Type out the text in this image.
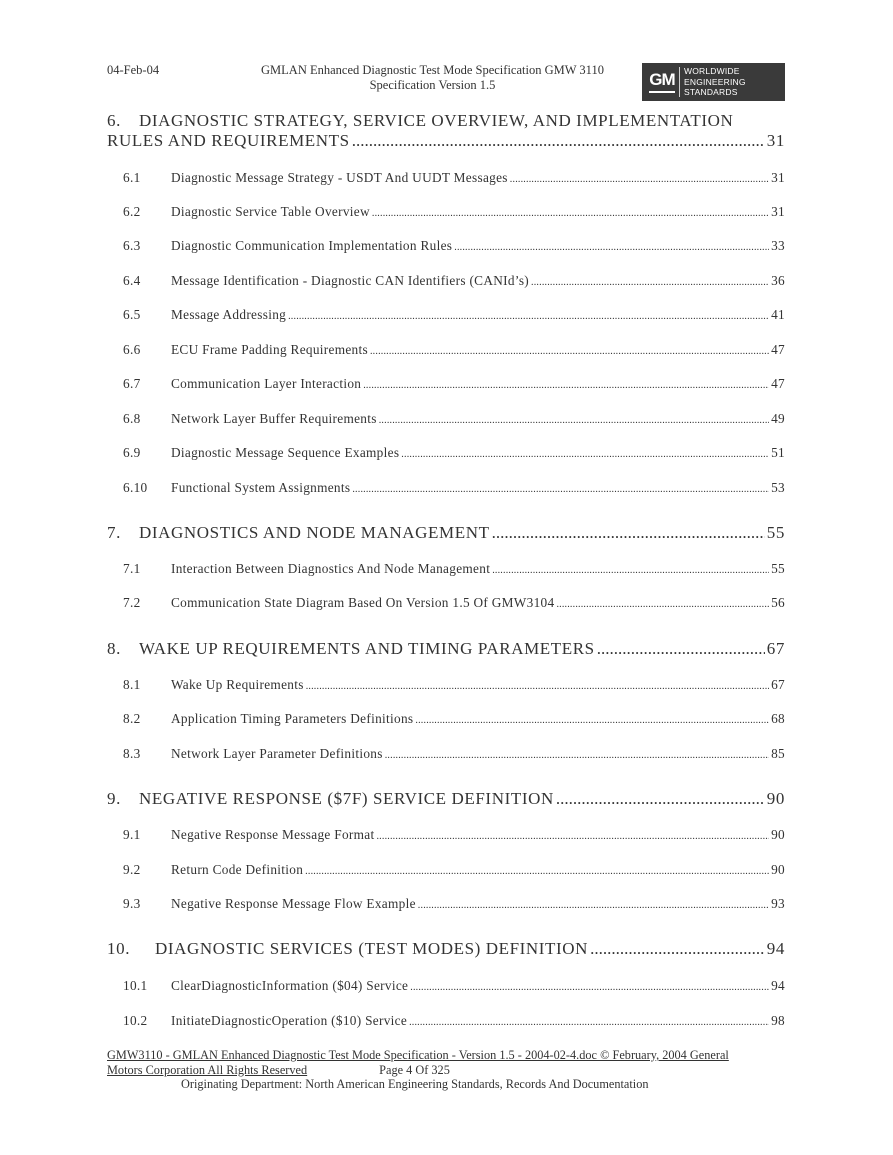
04-Feb-04	GMLAN Enhanced Diagnostic Test Mode Specification GMW 3110
Specification Version 1.5	GM WORLDWIDE
ENGINEERING
STANDARDS
6. DIAGNOSTIC STRATEGY, SERVICE OVERVIEW, AND IMPLEMENTATION
RULES AND REQUIREMENTS .....	31
6.1	Diagnostic Message Strategy - USDT And UUDT Messages .....	31
6.2	Diagnostic Service Table Overview .....	31
6.3	Diagnostic Communication Implementation Rules .....	33
6.4	Message Identification - Diagnostic CAN Identifiers (CANId’s) .....	36
6.5	Message Addressing .....	41
6.6	ECU Frame Padding Requirements .....	47
6.7	Communication Layer Interaction .....	47
6.8	Network Layer Buffer Requirements .....	49
6.9	Diagnostic Message Sequence Examples .....	51
6.10	Functional System Assignments .....	53
7.	DIAGNOSTICS AND NODE MANAGEMENT .....	55
7.1	Interaction Between Diagnostics And Node Management .....	55
7.2	Communication State Diagram Based On Version 1.5 Of GMW3104 .....	56
8.	WAKE UP REQUIREMENTS AND TIMING PARAMETERS .....	67
8.1	Wake Up Requirements .....	67
8.2	Application Timing Parameters Definitions .....	68
8.3	Network Layer Parameter Definitions .....	85
9.	NEGATIVE RESPONSE ($7F) SERVICE DEFINITION .....	90
9.1	Negative Response Message Format .....	90
9.2	Return Code Definition .....	90
9.3	Negative Response Message Flow Example .....	93
10.	DIAGNOSTIC SERVICES (TEST MODES) DEFINITION .....	94
10.1	ClearDiagnosticInformation ($04) Service .....	94
10.2	InitiateDiagnosticOperation ($10) Service .....	98
GMW3110 - GMLAN Enhanced Diagnostic Test Mode Specification - Version 1.5 - 2004-02-4.doc © February, 2004 General
Motors Corporation All Rights Reserved	Page 4 Of 325
Originating Department: North American Engineering Standards, Records And Documentation
